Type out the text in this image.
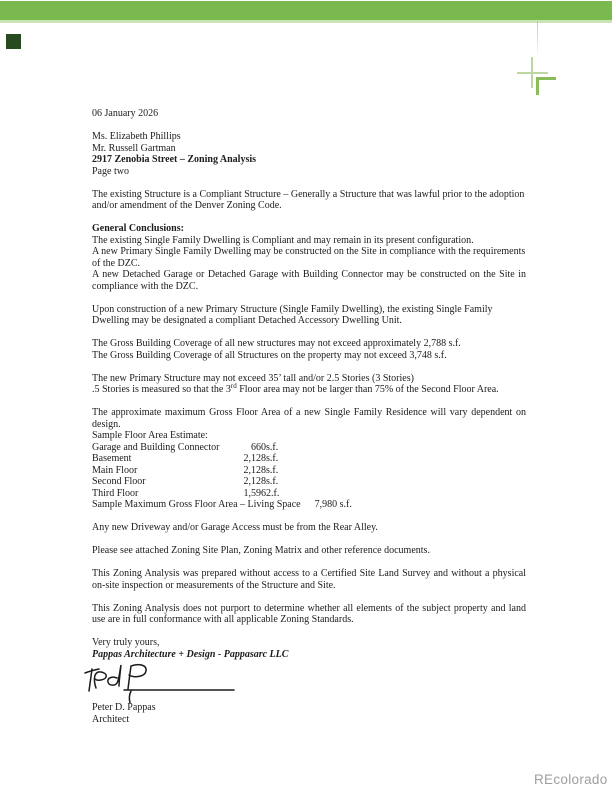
06 January 2026
Ms. Elizabeth Phillips
Mr. Russell Gartman
2917 Zenobia Street – Zoning Analysis
Page two
The existing Structure is a Compliant Structure – Generally a Structure that was lawful prior to the adoption and/or amendment of the Denver Zoning Code.
General Conclusions:
The existing Single Family Dwelling is Compliant and may remain in its present configuration.
A new Primary Single Family Dwelling may be constructed on the Site in compliance with the requirements of the DZC.
A new Detached Garage or Detached Garage with Building Connector may be constructed on the Site in compliance with the DZC.
Upon construction of a new Primary Structure (Single Family Dwelling), the existing Single Family Dwelling may be designated a compliant Detached Accessory Dwelling Unit.
The Gross Building Coverage of all new structures may not exceed approximately 2,788 s.f.
The Gross Building Coverage of all Structures on the property may not exceed 3,748 s.f.
The new Primary Structure may not exceed 35’ tall and/or 2.5 Stories (3 Stories)
.5 Stories is measured so that the 3rd Floor area may not be larger than 75% of the Second Floor Area.
The approximate maximum Gross Floor Area of a new Single Family Residence will vary dependent on design.
Sample Floor Area Estimate:
Garage and Building Connector	660 s.f.
Basement	2,128 s.f.
Main Floor	2,128 s.f.
Second Floor	2,128 s.f.
Third Floor	1,596 2.f.
Sample Maximum Gross Floor Area – Living Space 7,980 s.f.
Any new Driveway and/or Garage Access must be from the Rear Alley.
Please see attached Zoning Site Plan, Zoning Matrix and other reference documents.
This Zoning Analysis was prepared without access to a Certified Site Land Survey and without a physical on-site inspection or measurements of the Structure and Site.
This Zoning Analysis does not purport to determine whether all elements of the subject property and land use are in full conformance with all applicable Zoning Standards.
Very truly yours,
Pappas Architecture + Design - Pappasarc LLC
Peter D. Pappas
Architect
REcolorado
